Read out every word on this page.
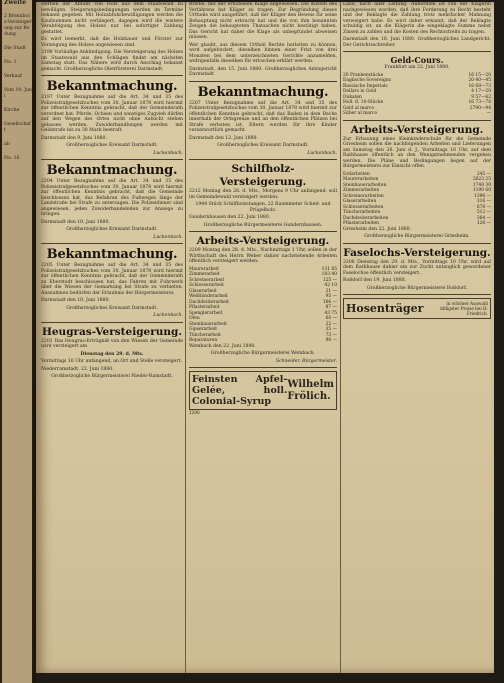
Zweite

2 Brennholz-Versteigerung zur Rodung

Die Stadt

No. 1

Verkauf

Vom 19. Juni

Kirche

Gesellschaft

ab

No. 16.

werben der Abfuhr von Holz aus dem Staatswald zu bewilligen. Steigerungsbedingungen werden im Termine bekannt gegeben. Mit Holzabfuhrbewilligungen werden die Kaufsummen nicht verlängert, dagegen wird die weitere Verabfolgung des Holzes nur bei sofortiger Zahlung gestattet.

Es wird bemerkt, daß die Holzhauer und Förster zur Vorzeigung des Holzes angewiesen sind.

2198 Vorläufige Ankündigung. Die Versteigerung des Holzes im Staatswald aus den Schlägen findet am nächsten Samstag statt. Das Nähere wird durch Anschlag bekannt gemacht. Großherzogliche Oberförsterei Darmstadt.

Bekanntmachung.

2197 Unter Bezugnahme auf die Art. 34 und 35 des Polizeistrafgesetzbuches vom 30. Januar 1878 wird hiermit zur öffentlichen Kenntnis gebracht, daß der Gemeinderath verordnet hat: Pferde, Ochsen und sonstiges Zugvieh dürfen auf den Wegen des Ortes nicht ohne Aufsicht stehen gelassen werden. Zuwiderhandlungen werden mit Geldstrafe bis zu 30 Mark bestraft.

Darmstadt den 9. Juni 1880.

Großherzogliches Kreisamt Darmstadt.

Luckenbach.

Bekanntmachung.

2204 Unter Bezugnahme auf die Art. 34 und 35 des Polizeistrafgesetzbuches vom 30. Januar 1878 wird hiermit zur öffentlichen Kenntnis gebracht, daß die Gemeinde beschlossen hat, das Befahren des Fußweges längs der Landstraße bei Strafe zu untersagen. Die Polizeidiener sind angewiesen, jeden Zuwiderhandelnden zur Anzeige zu bringen.

Darmstadt den 10. Juni 1880.

Großherzogliches Kreisamt Darmstadt.

Luckenbach.

Bekanntmachung.

2205 Unter Bezugnahme auf die Art. 34 und 35 des Polizeistrafgesetzbuches vom 30. Januar 1878 wird hiermit zur öffentlichen Kenntnis gebracht, daß der Gemeinderath zu Eberstadt beschlossen hat, das Fahren mit Fuhrwerk über die Wiesen der Gemarkung bei Strafe zu verbieten. Ausnahmen bedürfen der Erlaubnis der Bürgermeisterei.

Darmstadt den 10. Juni 1880.

Großherzogliches Kreisamt Darmstadt.

Luckenbach.

Heugras-Versteigerung.

2201 Das Heugras-Erträgniß von den Wiesen der Gemeinde wird versteigert am

Dienstag den 29. d. Mts.

Vormittags 10 Uhr anfangend, an Ort und Stelle versteigert.

Niederramstadt, 22. Juni 1880.

Großherzogliche Bürgermeisterei Nieder-Ramstadt.

Bredel, mit der erhobenen Klage abgewiesen. Die Kosten des Verfahrens hat Kläger zu tragen. Zur Begründung dieses Urtheils wird ausgeführt, daß der Kläger den Beweis für seine Behauptung nicht erbracht hat und die von ihm benannten Zeugen die behaupteten Thatsachen nicht bestätigt haben. Das Gericht hat daher die Klage als unbegründet abweisen müssen.

Wer glaubt, aus diesem Urtheil Rechte herleiten zu können, wird aufgefordert, dieselben binnen einer Frist von drei Monaten bei dem unterzeichneten Gerichte anzumelden, widrigenfalls dieselben für erloschen erklärt werden.

Darmstadt, den 15. Juni 1880. Großherzogliches Amtsgericht Darmstadt.

Bekanntmachung.

2207 Unter Bezugnahme auf die Art. 34 und 35 des Polizeistrafgesetzbuches vom 30. Januar 1878 wird hiermit zur öffentlichen Kenntnis gebracht, daß das Baden in dem Bache innerhalb der Ortsgrenze und an den öffentlichen Plätzen bei Strafe verboten ist. Eltern werden für ihre Kinder verantwortlich gemacht.

Darmstadt den 12. Juni 1880.

Großherzogliches Kreisamt Darmstadt.

Luckenbach.

Schilfholz-Versteigerung.

2212 Montag den 28. d. Mts., Morgens 9 Uhr anfangend, soll im Gemeindewald versteigert werden:

1944 Stück Schilfholzstangen, 22 Raummeter Scheit- und Prügelholz.

Gundernhausen den 22. Juni 1880.

Großherzogliche Bürgermeisterei Gundernhausen.

Arbeits-Versteigerung.

2209 Montag den 28. d. Mts., Nachmittags 1 Uhr, sollen in der Wirthschaft des Herrn Weber dahier nachstehende Arbeiten öffentlich versteigert werden:

Maurerarbeit	131 85
Zimmerarbeit	183 40
Schreinerarbeit	125 —
Schlosserarbeit	42 10
Glaserarbeit	21 —
Weißbinderarbeit	95 —
Dachdeckerarbeit	166 —
Pflasterarbeit	87 —
Spenglerarbeit	43 75
Ofen	60 —
Steinhauerarbeit	22 —
Gipserarbeit	35 —
Tüncherarbeit	73 —
Reparaturen	98 —

Wembach den 22. Juni 1880.

Großherzogliche Bürgermeisterei Wembach.

Schneider, Bürgermeister.

Feinsten Apfel-Gelée, holl. Colonial-Syrup
Wilhelm Frölich.
2200

Land, nach aller Leitung. Außerdem ist von der Klägerin nachgewiesen worden, daß ihre Forderung zu Recht besteht und der Beklagte die Zahlung trotz mehrfacher Mahnung verweigert habe. Es wird daher erkannt, daß der Beklagte schuldig ist, an die Klägerin die eingeklagte Summe nebst Zinsen zu zahlen und die Kosten des Rechtsstreits zu tragen.

Darmstadt den 18. Juni 1880. Großherzogliches Landgericht. Der Gerichtsschreiber.

Geld-Cours.

Frankfurt am 22. Juni 1880.

20 Frankenstücke	16 15—20
Englische Sovereigns	20 40—45
Russische Imperials	16 68—73
Dollars in Gold	4 17—20
Dukaten	9 57—62
Holl. fl. 10-Stücke	16 73—78
Gold al marco	2790—94
Silber al marco	—
Arbeits-Versteigerung.

Zur Erbauung eines Kleinkinderschule für die Gemeinde Griesheim sollen die nachfolgenden Arbeiten und Lieferungen am Samstag den 26. Juni d. J., Vormittags 10 Uhr, auf dem Rathhause öffentlich an den Wenigstnehmenden vergeben werden. Die Pläne und Bedingungen liegen auf der Bürgermeisterei zur Einsicht offen.

Erdarbeiten	245 —
Maurerarbeiten	2623 25
Steinhauerarbeiten	1748 30
Zimmerarbeiten	1190 60
Schreinerarbeiten	1396 —
Glaserarbeiten	316 —
Schlosserarbeiten	678 —
Tüncherarbeiten	512 —
Dachdeckerarbeiten	364 —
Pflasterarbeiten	128 —

Griesheim den 22. Juni 1880.

Großherzogliche Bürgermeisterei Griesheim.

Faselochs-Versteigerung.

2206 Dienstag den 29. d. Mts., Vormittags 10 Uhr, wird auf dem Rathhause dahier ein zur Zucht untauglich gewordener Faselochse öffentlich versteigert.

Roßdorf den 19. Juni 1880.

Großherzogliche Bürgermeisterei Roßdorf.

Hosenträger	in schöner Auswahl billigster Preise bei H. Friedrich.
